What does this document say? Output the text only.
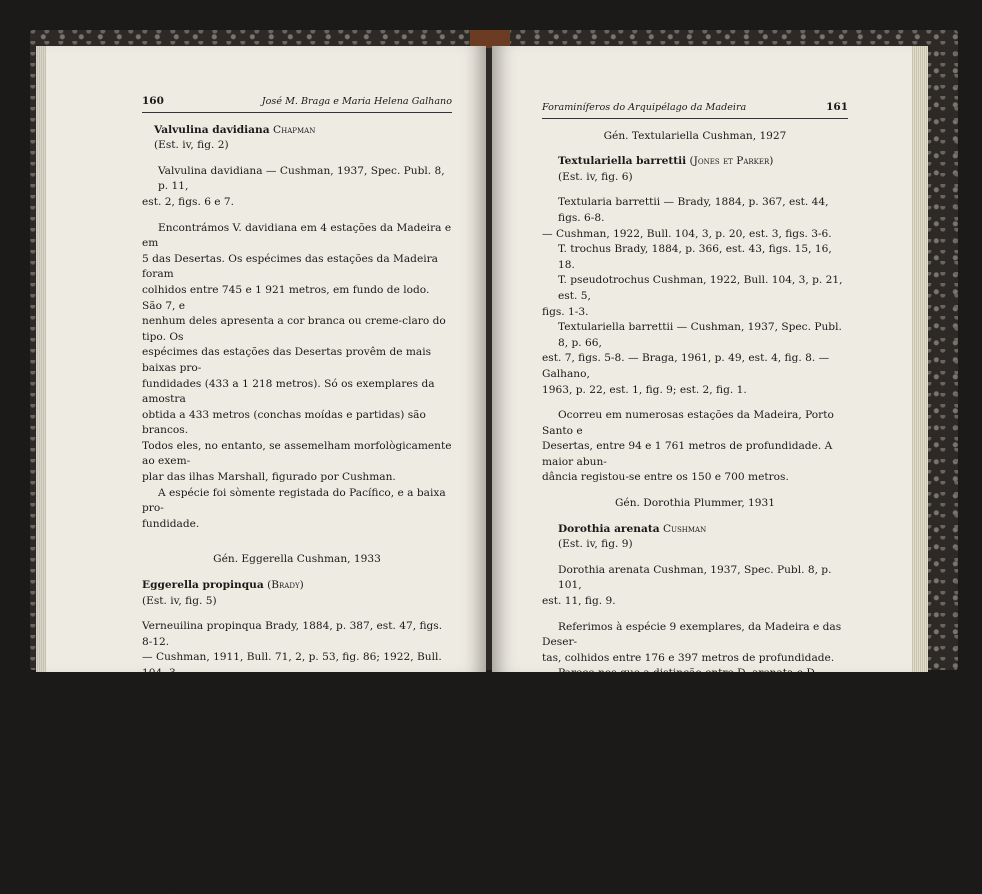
160	José M. Braga e Maria Helena Galhano

Valvulina davidiana Chapman

(Est. iv, fig. 2)

Valvulina davidiana — Cushman, 1937, Spec. Publ. 8, p. 11,

est. 2, figs. 6 e 7.

Encontrámos V. davidiana em 4 estações da Madeira e em

5 das Desertas. Os espécimes das estações da Madeira foram

colhidos entre 745 e 1 921 metros, em fundo de lodo. São 7, e

nenhum deles apresenta a cor branca ou creme-claro do tipo. Os

espécimes das estações das Desertas provêm de mais baixas pro-

fundidades (433 a 1 218 metros). Só os exemplares da amostra

obtida a 433 metros (conchas moídas e partidas) são brancos.

Todos eles, no entanto, se assemelham morfològicamente ao exem-

plar das ilhas Marshall, figurado por Cushman.

A espécie foi sòmente registada do Pacífico, e a baixa pro-

fundidade.

Gén. Eggerella Cushman, 1933

Eggerella propinqua (Brady)

(Est. iv, fig. 5)

Verneuilina propinqua Brady, 1884, p. 387, est. 47, figs. 8-12.

— Cushman, 1911, Bull. 71, 2, p. 53, fig. 86; 1922, Bull. 104, 3,

p. 56, est. 9, figs. 10 e 11.

Eggerella propinqua — Cushman, 1937, Spec. Publ. 8, p. 53,

est. 5, figs. 21 e 22.

A espécie é muito rara no material examinado; um único

espécime foi encontrado no lodo fino a 2 660 metros de profun-

didade. É um espécime de pequenas dimensões, que pela sua mor-

fologia, coloração e aspecto da superfície, nos parece bem colocado

na espécie.

Foraminíferos do Arquipélago da Madeira	161

Gén. Textulariella Cushman, 1927

Textulariella barrettii (Jones et Parker)

(Est. iv, fig. 6)

Textularia barrettii — Brady, 1884, p. 367, est. 44, figs. 6-8.

— Cushman, 1922, Bull. 104, 3, p. 20, est. 3, figs. 3-6.

T. trochus Brady, 1884, p. 366, est. 43, figs. 15, 16, 18.

T. pseudotrochus Cushman, 1922, Bull. 104, 3, p. 21, est. 5,

figs. 1-3.

Textulariella barrettii — Cushman, 1937, Spec. Publ. 8, p. 66,

est. 7, figs. 5-8. — Braga, 1961, p. 49, est. 4, fig. 8. — Galhano,

1963, p. 22, est. 1, fig. 9; est. 2, fig. 1.

Ocorreu em numerosas estações da Madeira, Porto Santo e

Desertas, entre 94 e 1 761 metros de profundidade. A maior abun-

dância registou-se entre os 150 e 700 metros.

Gén. Dorothia Plummer, 1931

Dorothia arenata Cushman

(Est. iv, fig. 9)

Dorothia arenata Cushman, 1937, Spec. Publ. 8, p. 101,

est. 11, fig. 9.

Referimos à espécie 9 exemplares, da Madeira e das Deser-

tas, colhidos entre 176 e 397 metros de profundidade.

Parece-nos que a distinção entre D. arenata e D. scabra é,

por vezes, embaraçosa. Só a obliquidade das suturas, a forma da

abertura, alta e estreita, e o reduzido número de câmaras da parte

bisseriada, no adulto, em D. arenata, permitem separar as duas

espécies. Nos nossos exemplares, estas características verificam-se.

O tipo da espécie é do norte do Pacífico. Cremos não estar

ainda registada no Atlântico.
